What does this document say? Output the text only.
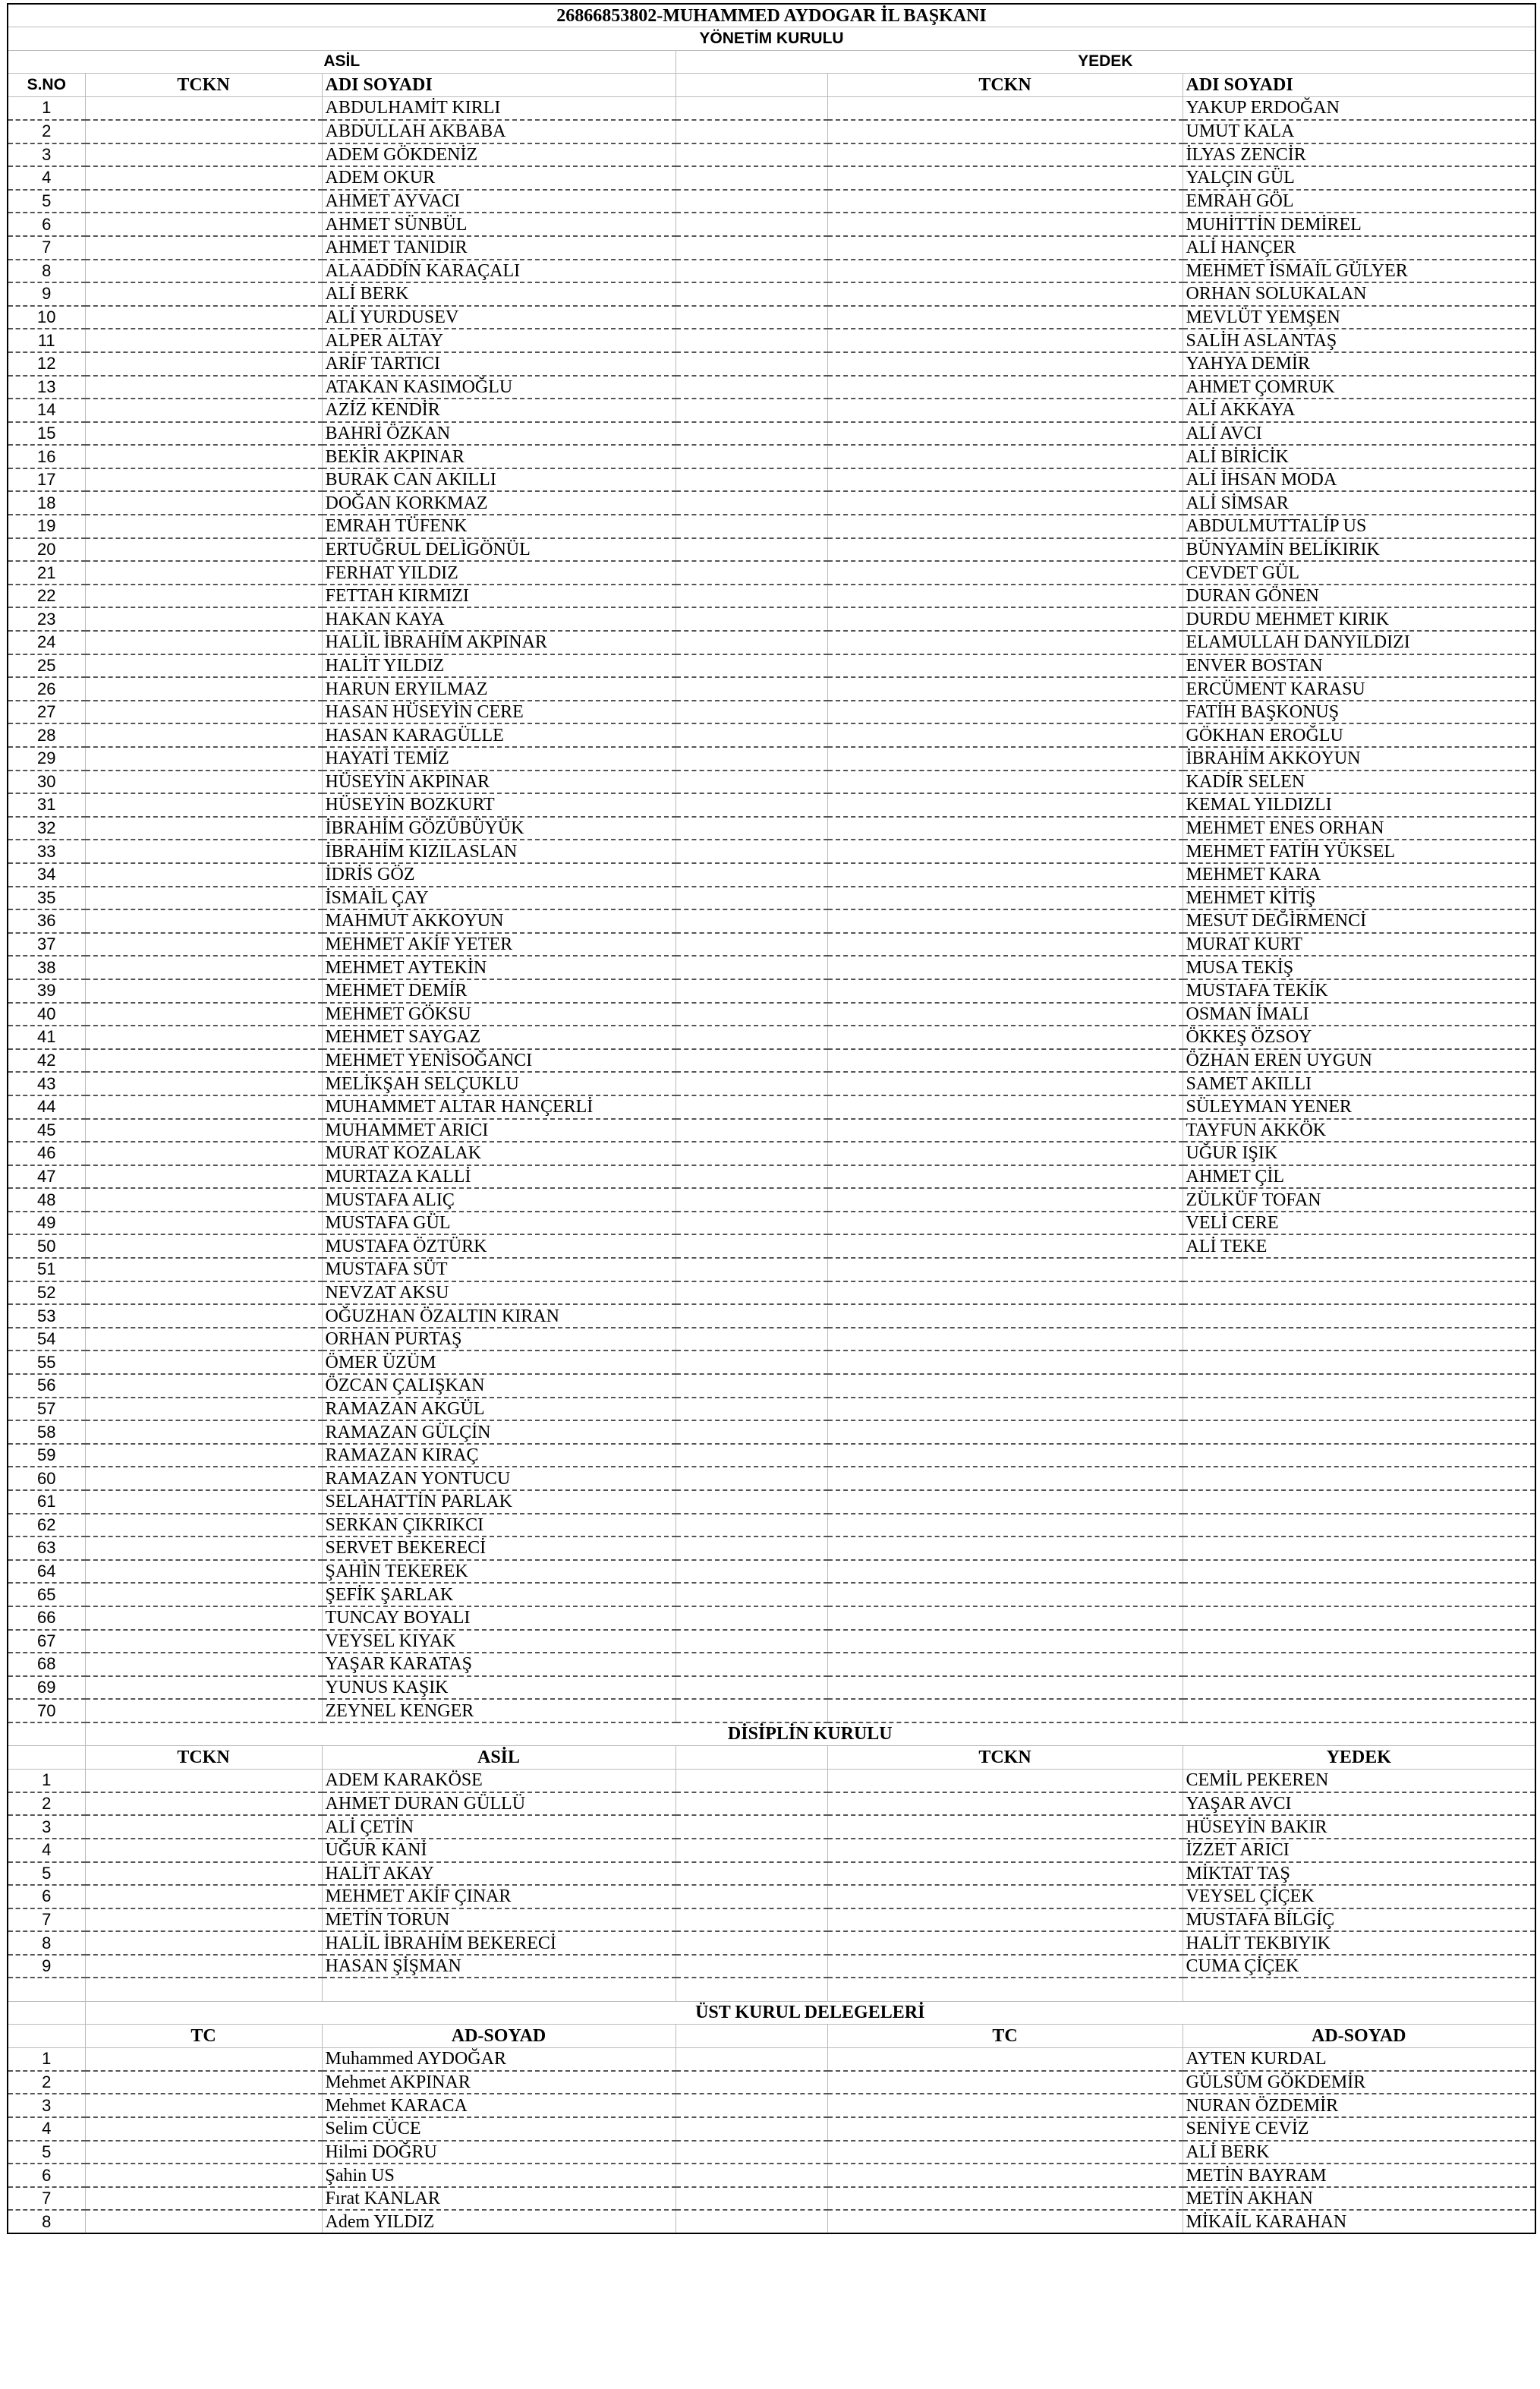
26866853802-MUHAMMED AYDOGAR İL BAŞKANI					
YÖNETİM KURULU					
ASİL			YEDEK		
S.NO	TCKN	ADI SOYADI		TCKN	ADI SOYADI
1		ABDULHAMİT KIRLI			YAKUP ERDOĞAN
2		ABDULLAH AKBABA			UMUT KALA
3		ADEM GÖKDENİZ			İLYAS ZENCİR
4		ADEM OKUR			YALÇIN GÜL
5		AHMET AYVACI			EMRAH GÖL
6		AHMET SÜNBÜL			MUHİTTİN DEMİREL
7		AHMET TANIDIR			ALİ HANÇER
8		ALAADDİN KARAÇALI			MEHMET İSMAİL GÜLYER
9		ALİ BERK			ORHAN SOLUKALAN
10		ALİ YURDUSEV			MEVLÜT YEMŞEN
11		ALPER ALTAY			SALİH ASLANTAŞ
12		ARİF TARTICI			YAHYA DEMİR
13		ATAKAN KASIMOĞLU			AHMET ÇOMRUK
14		AZİZ KENDİR			ALİ AKKAYA
15		BAHRİ ÖZKAN			ALİ AVCI
16		BEKİR AKPINAR			ALİ BİRİCİK
17		BURAK CAN AKILLI			ALİ İHSAN MODA
18		DOĞAN KORKMAZ			ALİ SİMSAR
19		EMRAH TÜFENK			ABDULMUTTALİP US
20		ERTUĞRUL DELİGÖNÜL			BÜNYAMİN BELİKIRIK
21		FERHAT YILDIZ			CEVDET GÜL
22		FETTAH KIRMIZI			DURAN GÖNEN
23		HAKAN KAYA			DURDU MEHMET KIRIK
24		HALİL İBRAHİM AKPINAR			ELAMULLAH DANYILDIZI
25		HALİT YILDIZ			ENVER BOSTAN
26		HARUN ERYILMAZ			ERCÜMENT KARASU
27		HASAN HÜSEYİN CERE			FATİH BAŞKONUŞ
28		HASAN KARAGÜLLE			GÖKHAN EROĞLU
29		HAYATİ TEMİZ			İBRAHİM AKKOYUN
30		HÜSEYİN AKPINAR			KADİR SELEN
31		HÜSEYİN BOZKURT			KEMAL YILDIZLI
32		İBRAHİM GÖZÜBÜYÜK			MEHMET ENES ORHAN
33		İBRAHİM KIZILASLAN			MEHMET FATİH YÜKSEL
34		İDRİS GÖZ			MEHMET KARA
35		İSMAİL ÇAY			MEHMET KİTİŞ
36		MAHMUT AKKOYUN			MESUT DEĞİRMENCİ
37		MEHMET AKİF YETER			MURAT KURT
38		MEHMET AYTEKİN			MUSA TEKİŞ
39		MEHMET DEMİR			MUSTAFA TEKİK
40		MEHMET GÖKSU			OSMAN İMALI
41		MEHMET SAYGAZ			ÖKKEŞ ÖZSOY
42		MEHMET YENİSOĞANCI			ÖZHAN EREN UYGUN
43		MELİKŞAH SELÇUKLU			SAMET AKILLI
44		MUHAMMET ALTAR HANÇERLİ			SÜLEYMAN YENER
45		MUHAMMET ARICI			TAYFUN AKKÖK
46		MURAT KOZALAK			UĞUR IŞIK
47		MURTAZA KALLİ			AHMET ÇİL
48		MUSTAFA ALIÇ			ZÜLKÜF TOFAN
49		MUSTAFA GÜL			VELİ CERE
50		MUSTAFA ÖZTÜRK			ALİ TEKE
51		MUSTAFA SÜT			
52		NEVZAT AKSU			
53		OĞUZHAN ÖZALTIN KIRAN			
54		ORHAN PURTAŞ			
55		ÖMER ÜZÜM			
56		ÖZCAN ÇALIŞKAN			
57		RAMAZAN AKGÜL			
58		RAMAZAN GÜLÇİN			
59		RAMAZAN KIRAÇ			
60		RAMAZAN YONTUCU			
61		SELAHATTİN PARLAK			
62		SERKAN ÇIKRIKCI			
63		SERVET BEKERECİ			
64		ŞAHİN TEKEREK			
65		ŞEFİK ŞARLAK			
66		TUNCAY BOYALI			
67		VEYSEL KIYAK			
68		YAŞAR KARATAŞ			
69		YUNUS KAŞIK			
70		ZEYNEL KENGER			
	DİSİPLİN KURULU				
	TCKN	ASİL		TCKN	YEDEK
1		ADEM KARAKÖSE			CEMİL PEKEREN
2		AHMET DURAN GÜLLÜ			YAŞAR AVCI
3		ALİ ÇETİN			HÜSEYİN BAKIR
4		UĞUR KANİ			İZZET ARICI
5		HALİT AKAY			MİKTAT TAŞ
6		MEHMET AKİF ÇINAR			VEYSEL ÇİÇEK
7		METİN TORUN			MUSTAFA BİLGİÇ
8		HALİL İBRAHİM BEKERECİ			HALİT TEKBIYIK
9		HASAN ŞİŞMAN			CUMA ÇİÇEK

	ÜST KURUL DELEGELERİ				
	TC	AD-SOYAD		TC	AD-SOYAD
1		Muhammed AYDOĞAR			AYTEN KURDAL
2		Mehmet AKPINAR			GÜLSÜM GÖKDEMİR
3		Mehmet KARACA			NURAN ÖZDEMİR
4		Selim CÜCE			SENİYE CEVİZ
5		Hilmi DOĞRU			ALİ BERK
6		Şahin US			METİN BAYRAM
7		Fırat KANLAR			METİN AKHAN
8		Adem YILDIZ			MİKAİL KARAHAN
